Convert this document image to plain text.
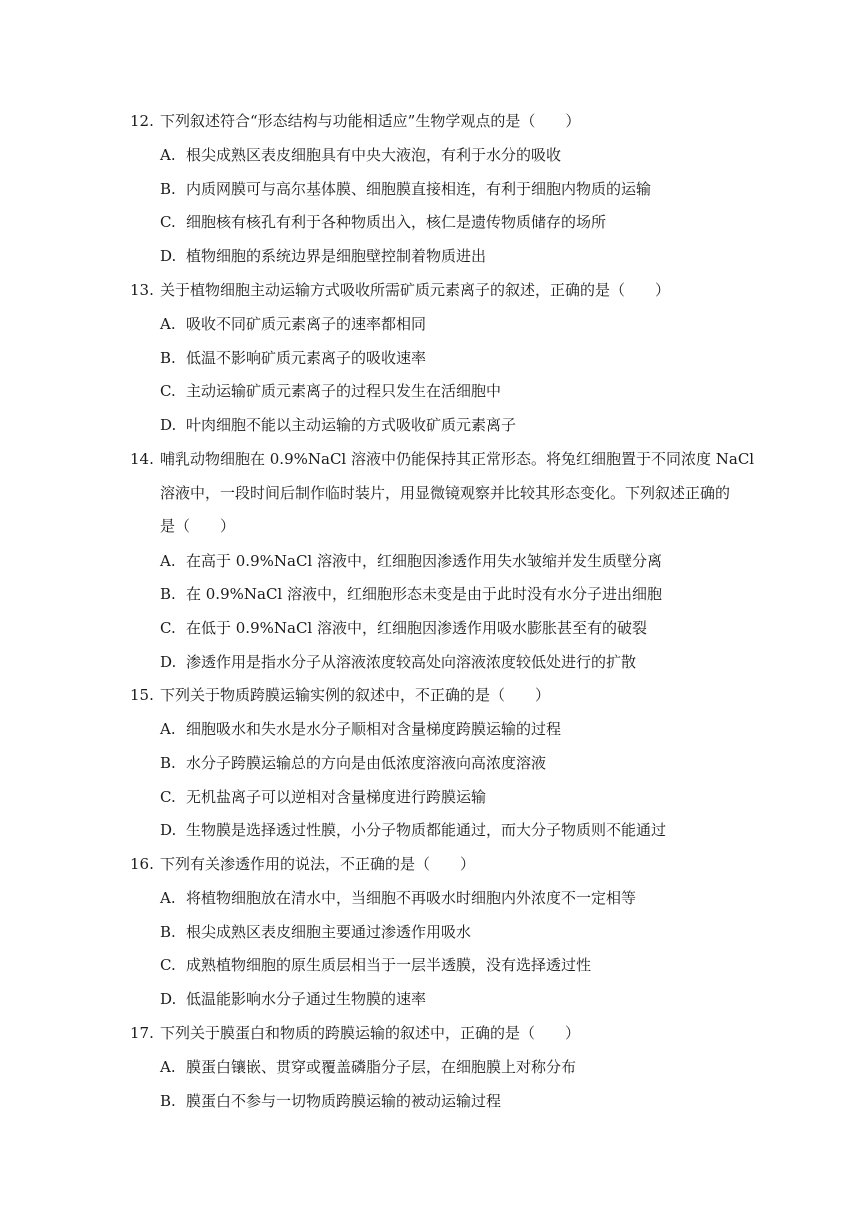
12. 下列叙述符合“形态结构与功能相适应”生物学观点的是（　　）
A. 根尖成熟区表皮细胞具有中央大液泡，有利于水分的吸收
B. 内质网膜可与高尔基体膜、细胞膜直接相连，有利于细胞内物质的运输
C. 细胞核有核孔有利于各种物质出入，核仁是遗传物质储存的场所
D. 植物细胞的系统边界是细胞壁控制着物质进出
13. 关于植物细胞主动运输方式吸收所需矿质元素离子的叙述，正确的是（　　）
A. 吸收不同矿质元素离子的速率都相同
B. 低温不影响矿质元素离子的吸收速率
C. 主动运输矿质元素离子的过程只发生在活细胞中
D. 叶肉细胞不能以主动运输的方式吸收矿质元素离子
14. 哺乳动物细胞在 0.9%NaCl 溶液中仍能保持其正常形态。将兔红细胞置于不同浓度 NaCl
溶液中，一段时间后制作临时装片，用显微镜观察并比较其形态变化。下列叙述正确的
是（　　）
A. 在高于 0.9%NaCl 溶液中，红细胞因渗透作用失水皱缩并发生质壁分离
B. 在 0.9%NaCl 溶液中，红细胞形态未变是由于此时没有水分子进出细胞
C. 在低于 0.9%NaCl 溶液中，红细胞因渗透作用吸水膨胀甚至有的破裂
D. 渗透作用是指水分子从溶液浓度较高处向溶液浓度较低处进行的扩散
15. 下列关于物质跨膜运输实例的叙述中，不正确的是（　　）
A. 细胞吸水和失水是水分子顺相对含量梯度跨膜运输的过程
B. 水分子跨膜运输总的方向是由低浓度溶液向高浓度溶液
C. 无机盐离子可以逆相对含量梯度进行跨膜运输
D. 生物膜是选择透过性膜，小分子物质都能通过，而大分子物质则不能通过
16. 下列有关渗透作用的说法，不正确的是（　　）
A. 将植物细胞放在清水中，当细胞不再吸水时细胞内外浓度不一定相等
B. 根尖成熟区表皮细胞主要通过渗透作用吸水
C. 成熟植物细胞的原生质层相当于一层半透膜，没有选择透过性
D. 低温能影响水分子通过生物膜的速率
17. 下列关于膜蛋白和物质的跨膜运输的叙述中，正确的是（　　）
A. 膜蛋白镶嵌、贯穿或覆盖磷脂分子层，在细胞膜上对称分布
B. 膜蛋白不参与一切物质跨膜运输的被动运输过程
